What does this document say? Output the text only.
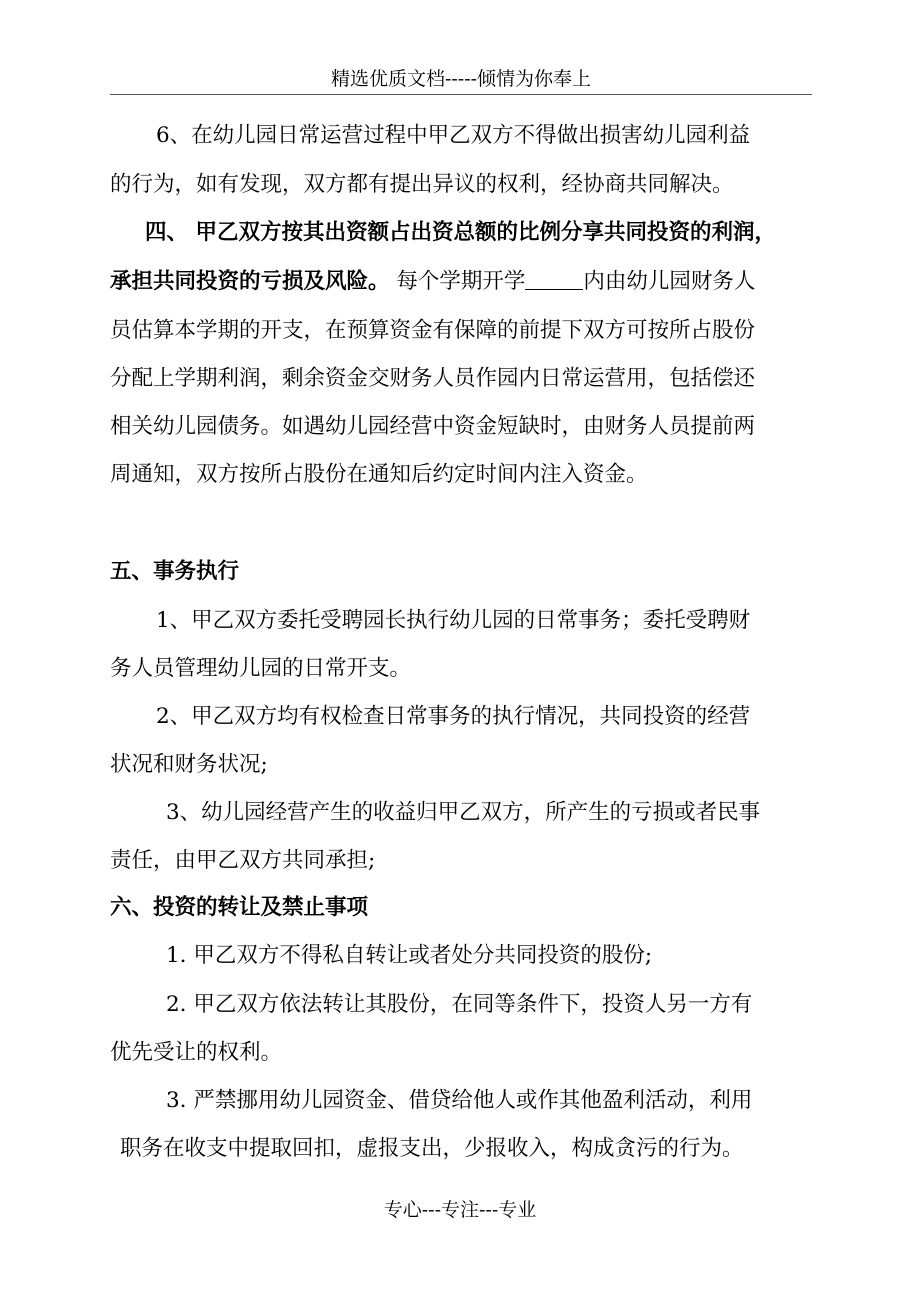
精选优质文档-----倾情为你奉上
6、在幼儿园日常运营过程中甲乙双方不得做出损害幼儿园利益
的行为，如有发现，双方都有提出异议的权利，经协商共同解决。
四、 甲乙双方按其出资额占出资总额的比例分享共同投资的利润，
承担共同投资的亏损及风险。 每个学期开学	内由幼儿园财务人
员估算本学期的开支，在预算资金有保障的前提下双方可按所占股份
分配上学期利润，剩余资金交财务人员作园内日常运营用，包括偿还
相关幼儿园债务。如遇幼儿园经营中资金短缺时，由财务人员提前两
周通知，双方按所占股份在通知后约定时间内注入资金。
五、事务执行
1、甲乙双方委托受聘园长执行幼儿园的日常事务；委托受聘财
务人员管理幼儿园的日常开支。
2、甲乙双方均有权检查日常事务的执行情况，共同投资的经营
状况和财务状况;
3、幼儿园经营产生的收益归甲乙双方，所产生的亏损或者民事
责任，由甲乙双方共同承担;
六、投资的转让及禁止事项
1. 甲乙双方不得私自转让或者处分共同投资的股份;
2. 甲乙双方依法转让其股份，在同等条件下，投资人另一方有
优先受让的权利。
3. 严禁挪用幼儿园资金、借贷给他人或作其他盈利活动，利用
职务在收支中提取回扣，虚报支出，少报收入，构成贪污的行为。
专心---专注---专业
